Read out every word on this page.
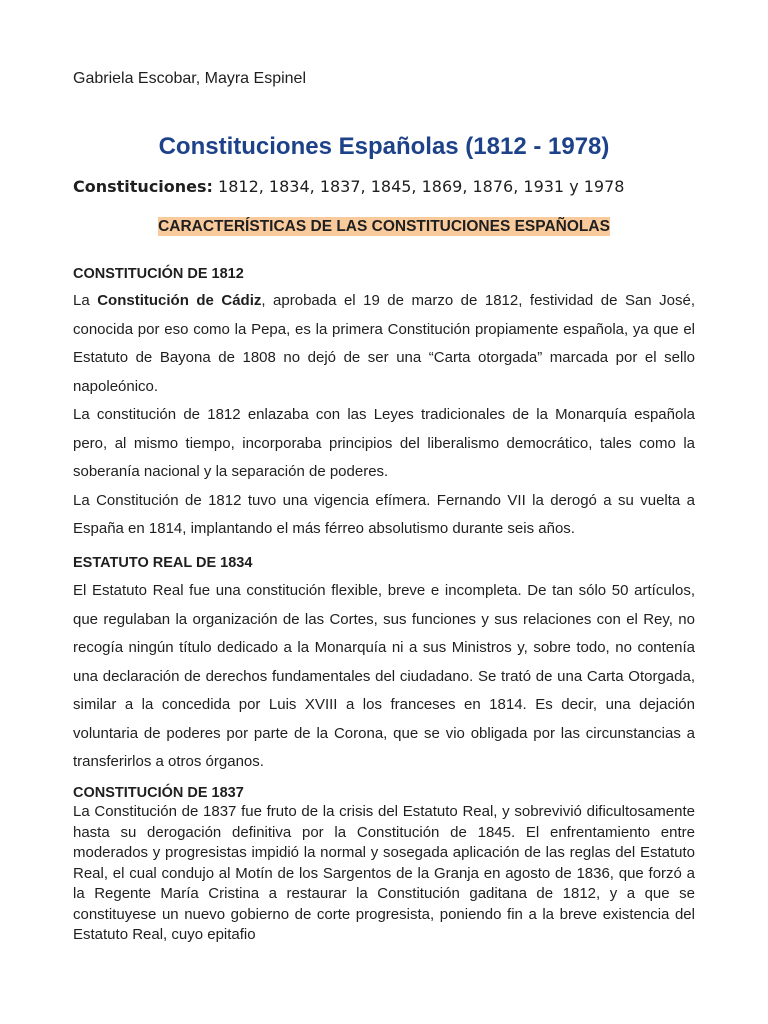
Gabriela Escobar, Mayra Espinel

Constituciones Españolas (1812 - 1978)

Constituciones: 1812, 1834, 1837, 1845, 1869, 1876, 1931 y 1978

CARACTERÍSTICAS DE LAS CONSTITUCIONES ESPAÑOLAS

CONSTITUCIÓN DE 1812

La Constitución de Cádiz, aprobada el 19 de marzo de 1812, festividad de San José, conocida por eso como la Pepa, es la primera Constitución propiamente española, ya que el Estatuto de Bayona de 1808 no dejó de ser una “Carta otorgada” marcada por el sello napoleónico.

La constitución de 1812 enlazaba con las Leyes tradicionales de la Monarquía española pero, al mismo tiempo, incorporaba principios del liberalismo democrático, tales como la soberanía nacional y la separación de poderes.

La Constitución de 1812 tuvo una vigencia efímera. Fernando VII la derogó a su vuelta a España en 1814, implantando el más férreo absolutismo durante seis años.

ESTATUTO REAL DE 1834

El Estatuto Real fue una constitución flexible, breve e incompleta. De tan sólo 50 artículos, que regulaban la organización de las Cortes, sus funciones y sus relaciones con el Rey, no recogía ningún título dedicado a la Monarquía ni a sus Ministros y, sobre todo, no contenía una declaración de derechos fundamentales del ciudadano. Se trató de una Carta Otorgada, similar a la concedida por Luis XVIII a los franceses en 1814. Es decir, una dejación voluntaria de poderes por parte de la Corona, que se vio obligada por las circunstancias a transferirlos a otros órganos.

CONSTITUCIÓN DE 1837

La Constitución de 1837 fue fruto de la crisis del Estatuto Real, y sobrevivió dificultosamente hasta su derogación definitiva por la Constitución de 1845. El enfrentamiento entre moderados y progresistas impidió la normal y sosegada aplicación de las reglas del Estatuto Real, el cual condujo al Motín de los Sargentos de la Granja en agosto de 1836, que forzó a la Regente María Cristina a restaurar la Constitución gaditana de 1812, y a que se constituyese un nuevo gobierno de corte progresista, poniendo fin a la breve existencia del Estatuto Real, cuyo epitafio
